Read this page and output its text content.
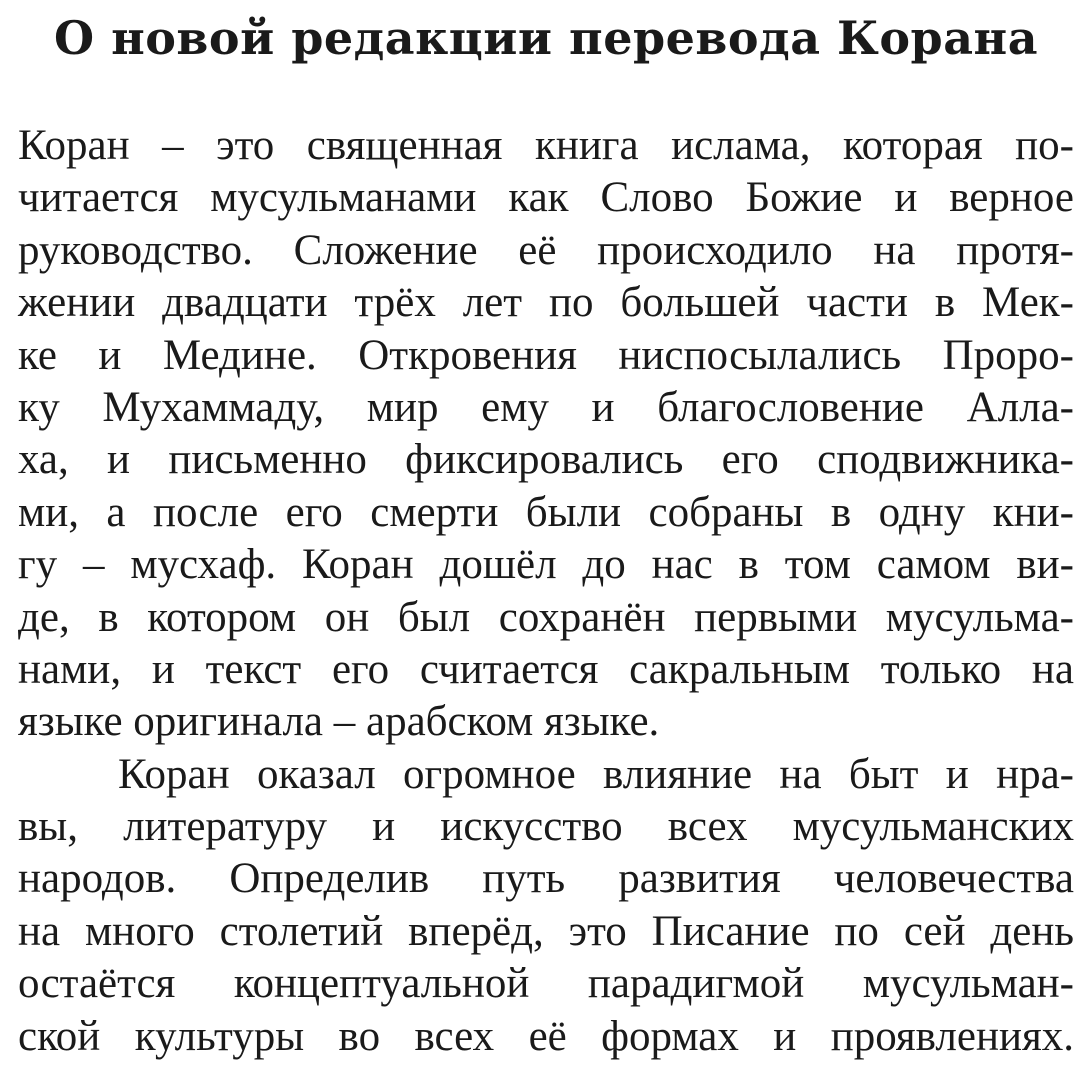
О новой редакции перевода Корана
Коран – это священная книга ислама, которая по-
читается мусульманами как Слово Божие и верное
руководство. Сложение её происходило на протя-
жении двадцати трёх лет по большей части в Мек-
ке и Медине. Откровения ниспосылались Проро-
ку Мухаммаду, мир ему и благословение Алла-
ха, и письменно фиксировались его сподвижника-
ми, а после его смерти были собраны в одну кни-
гу – мусхаф. Коран дошёл до нас в том самом ви-
де, в котором он был сохранён первыми мусульма-
нами, и текст его считается сакральным только на
языке оригинала – арабском языке.
Коран оказал огромное влияние на быт и нра-
вы, литературу и искусство всех мусульманских
народов. Определив путь развития человечества
на много столетий вперёд, это Писание по сей день
остаётся концептуальной парадигмой мусульман-
ской культуры во всех её формах и проявлениях.
